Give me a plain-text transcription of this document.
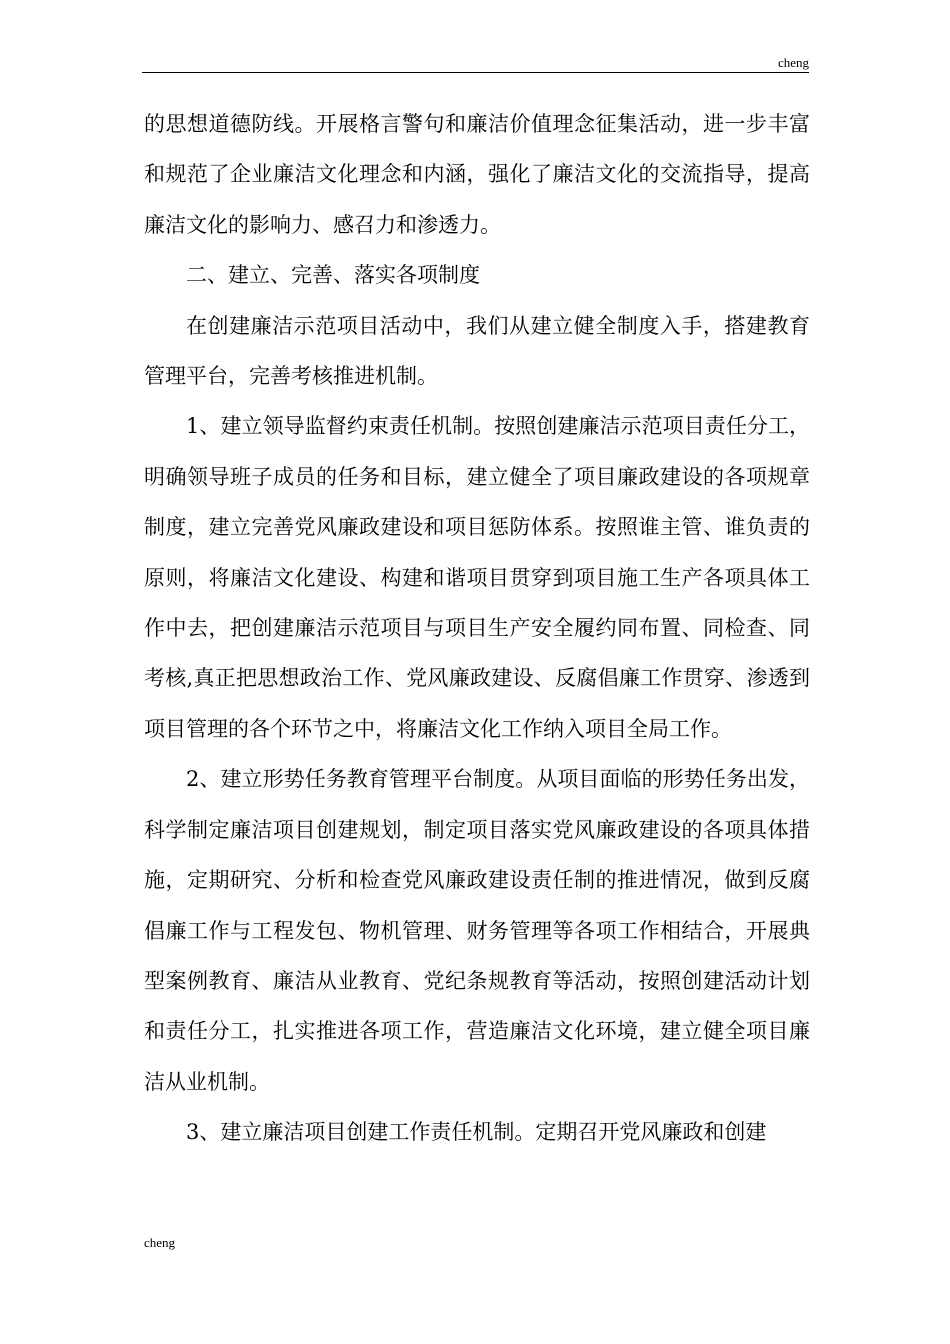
cheng

的思想道德防线。开展格言警句和廉洁价值理念征集活动，进一步丰富和规范了企业廉洁文化理念和内涵，强化了廉洁文化的交流指导，提高廉洁文化的影响力、感召力和渗透力。

二、建立、完善、落实各项制度

在创建廉洁示范项目活动中，我们从建立健全制度入手，搭建教育管理平台，完善考核推进机制。

1、建立领导监督约束责任机制。按照创建廉洁示范项目责任分工，明确领导班子成员的任务和目标，建立健全了项目廉政建设的各项规章制度，建立完善党风廉政建设和项目惩防体系。按照谁主管、谁负责的原则，将廉洁文化建设、构建和谐项目贯穿到项目施工生产各项具体工作中去，把创建廉洁示范项目与项目生产安全履约同布置、同检查、同考核,真正把思想政治工作、党风廉政建设、反腐倡廉工作贯穿、渗透到项目管理的各个环节之中，将廉洁文化工作纳入项目全局工作。

2、建立形势任务教育管理平台制度。从项目面临的形势任务出发，科学制定廉洁项目创建规划，制定项目落实党风廉政建设的各项具体措施，定期研究、分析和检查党风廉政建设责任制的推进情况，做到反腐倡廉工作与工程发包、物机管理、财务管理等各项工作相结合，开展典型案例教育、廉洁从业教育、党纪条规教育等活动，按照创建活动计划和责任分工，扎实推进各项工作，营造廉洁文化环境，建立健全项目廉洁从业机制。

3、建立廉洁项目创建工作责任机制。定期召开党风廉政和创建

cheng
